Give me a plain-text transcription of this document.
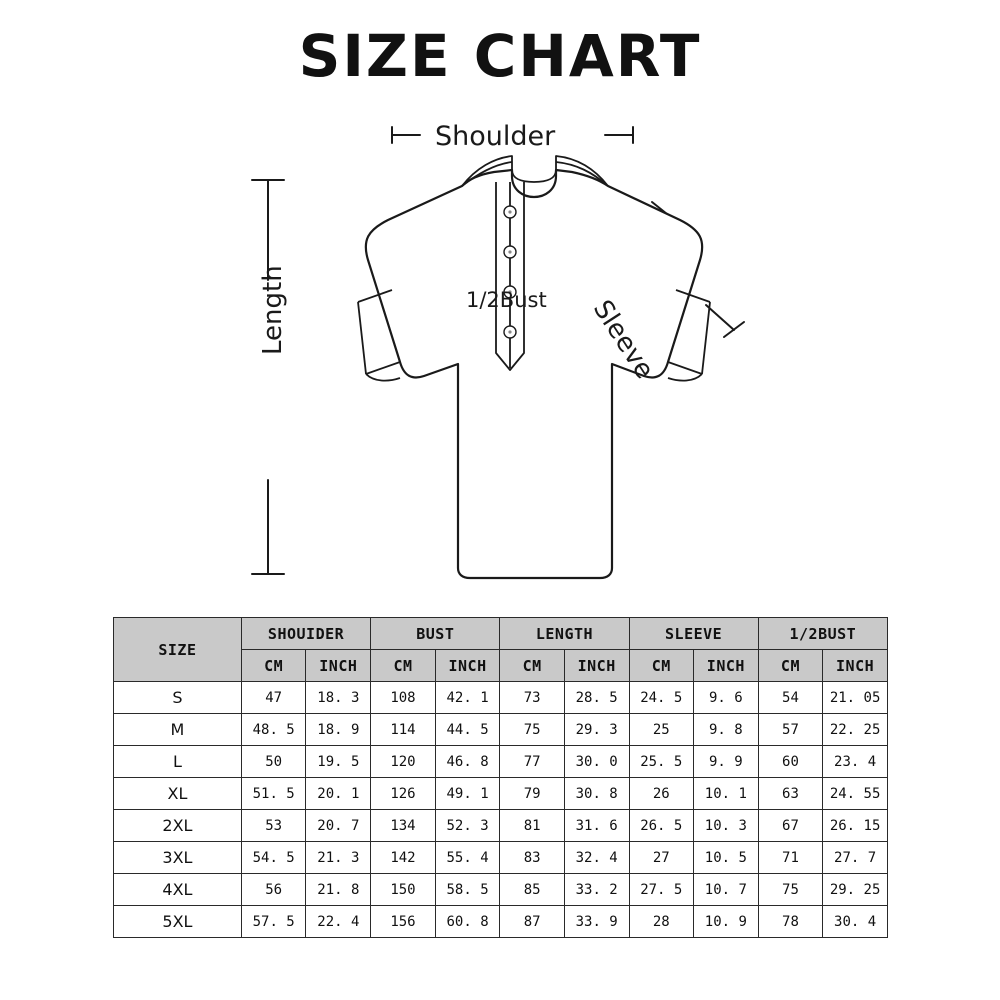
SIZE CHART
Shoulder
Sleeve
Length	1/2Bust
SIZE	SHOUIDER		BUST		LENGTH		SLEEVE		1/2BUST	
	CM	INCH	CM	INCH	CM	INCH	CM	INCH	CM	INCH
S	47	18. 3	108	42. 1	73	28. 5	24. 5	9. 6	54	21. 05
M	48. 5	18. 9	114	44. 5	75	29. 3	25	9. 8	57	22. 25
L	50	19. 5	120	46. 8	77	30. 0	25. 5	9. 9	60	23. 4
XL	51. 5	20. 1	126	49. 1	79	30. 8	26	10. 1	63	24. 55
2XL	53	20. 7	134	52. 3	81	31. 6	26. 5	10. 3	67	26. 15
3XL	54. 5	21. 3	142	55. 4	83	32. 4	27	10. 5	71	27. 7
4XL	56	21. 8	150	58. 5	85	33. 2	27. 5	10. 7	75	29. 25
5XL	57. 5	22. 4	156	60. 8	87	33. 9	28	10. 9	78	30. 4
